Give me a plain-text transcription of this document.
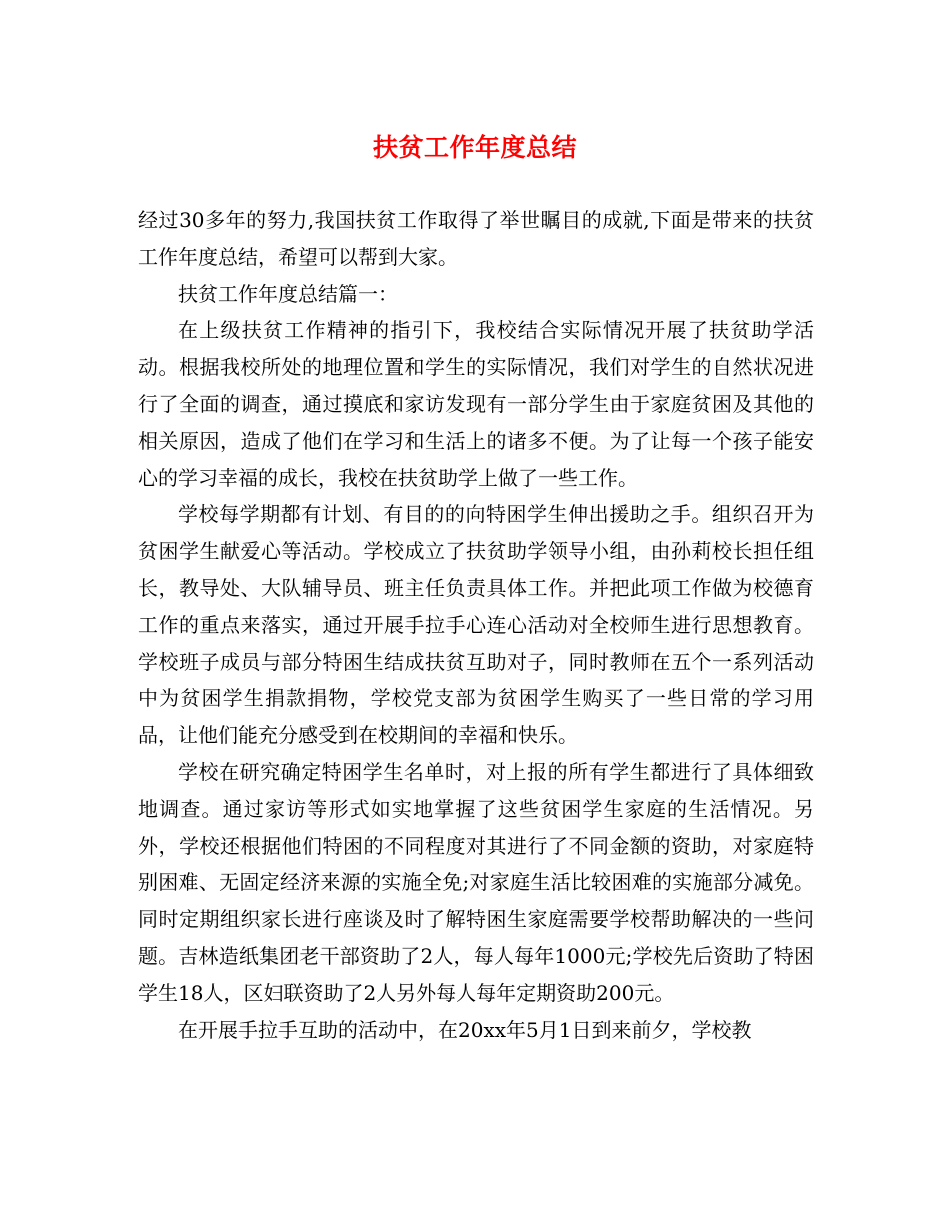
扶贫工作年度总结

经过30多年的努力,我国扶贫工作取得了举世瞩目的成就,下面是带来的扶贫工作年度总结，希望可以帮到大家。

扶贫工作年度总结篇一：

在上级扶贫工作精神的指引下，我校结合实际情况开展了扶贫助学活动。根据我校所处的地理位置和学生的实际情况，我们对学生的自然状况进行了全面的调查，通过摸底和家访发现有一部分学生由于家庭贫困及其他的相关原因，造成了他们在学习和生活上的诸多不便。为了让每一个孩子能安心的学习幸福的成长，我校在扶贫助学上做了一些工作。

学校每学期都有计划、有目的的向特困学生伸出援助之手。组织召开为贫困学生献爱心等活动。学校成立了扶贫助学领导小组，由孙莉校长担任组长，教导处、大队辅导员、班主任负责具体工作。并把此项工作做为校德育工作的重点来落实，通过开展手拉手心连心活动对全校师生进行思想教育。学校班子成员与部分特困生结成扶贫互助对子，同时教师在五个一系列活动中为贫困学生捐款捐物，学校党支部为贫困学生购买了一些日常的学习用品，让他们能充分感受到在校期间的幸福和快乐。

学校在研究确定特困学生名单时，对上报的所有学生都进行了具体细致地调查。通过家访等形式如实地掌握了这些贫困学生家庭的生活情况。另外，学校还根据他们特困的不同程度对其进行了不同金额的资助，对家庭特别困难、无固定经济来源的实施全免;对家庭生活比较困难的实施部分减免。同时定期组织家长进行座谈及时了解特困生家庭需要学校帮助解决的一些问题。吉林造纸集团老干部资助了2人，每人每年1000元;学校先后资助了特困学生18人，区妇联资助了2人另外每人每年定期资助200元。

在开展手拉手互助的活动中，在20xx年5月1日到来前夕，学校教
